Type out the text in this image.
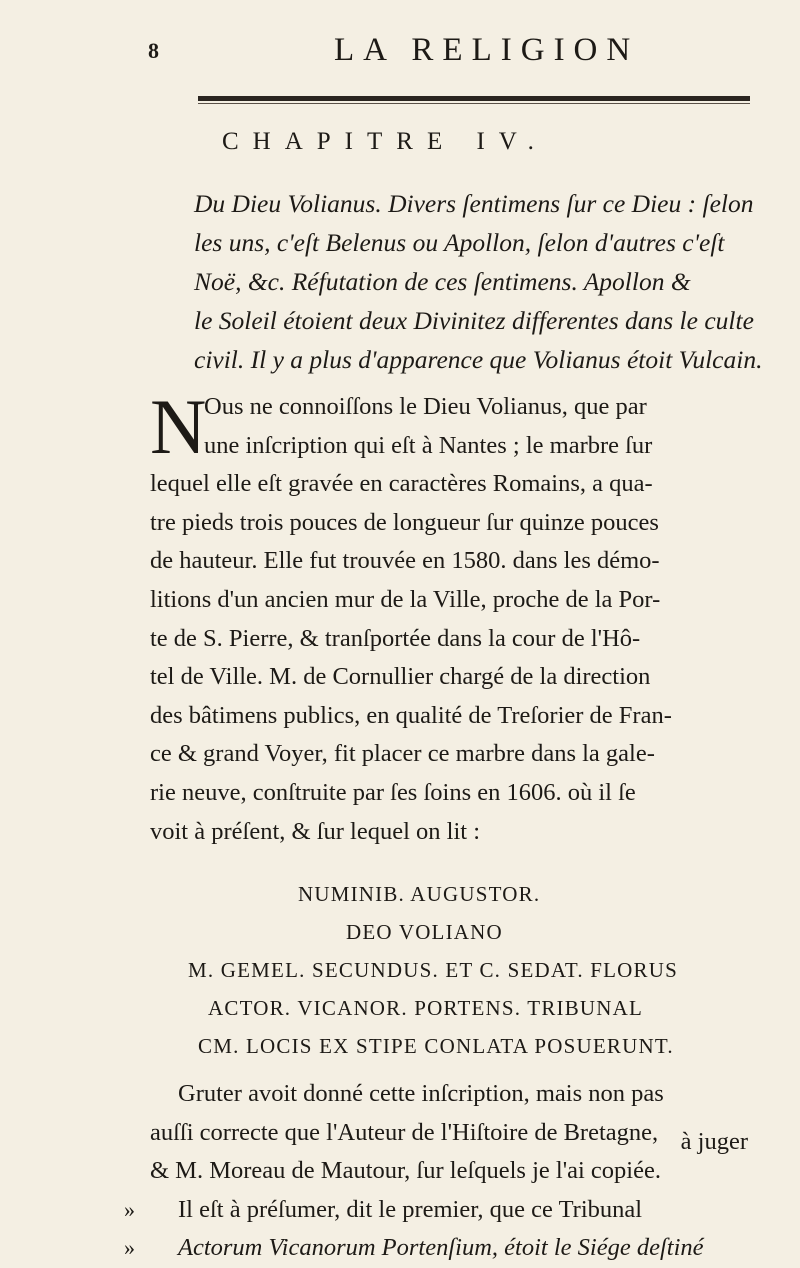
8	LA RELIGION
CHAPITRE IV.
Du Dieu Volianus. Divers ſentimens ſur ce Dieu : ſelon
les uns, c'eſt Belenus ou Apollon, ſelon d'autres c'eſt
Noë, &c. Réfutation de ces ſentimens. Apollon &
le Soleil étoient deux Divinitez differentes dans le culte
civil. Il y a plus d'apparence que Volianus étoit Vulcain.
N
Ous ne connoiſſons le Dieu Volianus, que par
une inſcription qui eſt à Nantes ; le marbre ſur
lequel elle eſt gravée en caractères Romains, a qua-
tre pieds trois pouces de longueur ſur quinze pouces
de hauteur. Elle fut trouvée en 1580. dans les démo-
litions d'un ancien mur de la Ville, proche de la Por-
te de S. Pierre, & tranſportée dans la cour de l'Hô-
tel de Ville. M. de Cornullier chargé de la direction
des bâtimens publics, en qualité de Treſorier de Fran-
ce & grand Voyer, fit placer ce marbre dans la gale-
rie neuve, conſtruite par ſes ſoins en 1606. où il ſe
voit à préſent, & ſur lequel on lit :
NUMINIB. AUGUSTOR.
DEO VOLIANO
M. GEMEL. SECUNDUS. ET C. SEDAT. FLORUS
ACTOR. VICANOR. PORTENS. TRIBUNAL
CM. LOCIS EX STIPE CONLATA POSUERUNT.
Gruter avoit donné cette inſcription, mais non pas
auſſi correcte que l'Auteur de l'Hiſtoire de Bretagne,
& M. Moreau de Mautour, ſur leſquels je l'ai copiée.
» Il eſt à préſumer, dit le premier, que ce Tribunal
» Actorum Vicanorum Portenſium, étoit le Siége deſtiné
à juger
